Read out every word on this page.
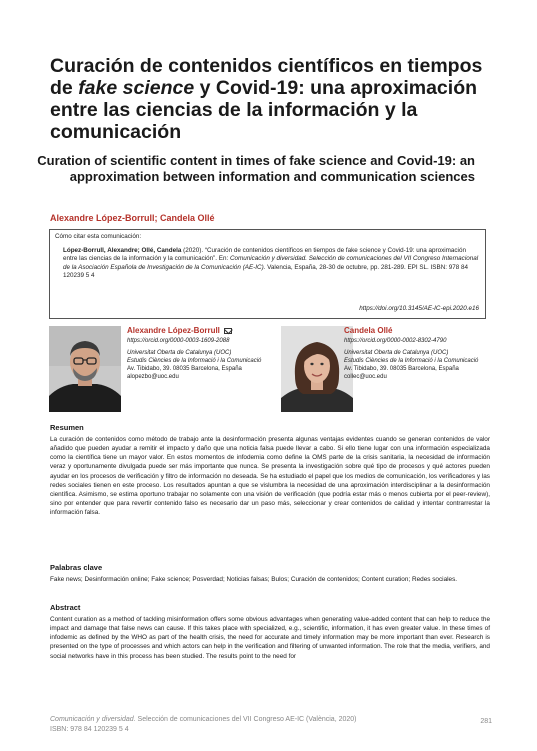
Curación de contenidos científicos en tiempos de fake science y Covid-19: una aproximación entre las ciencias de la información y la comunicación
Curation of scientific content in times of fake science and Covid-19: an approximation between information and communication sciences
Alexandre López-Borrull; Candela Ollé
Cómo citar esta comunicación:
López-Borrull, Alexandre; Ollé, Candela (2020). “Curación de contenidos científicos en tiempos de fake science y Covid-19: una aproximación entre las ciencias de la información y la comunicación”. En: Comunicación y diversidad. Selección de comunicaciones del VII Congreso Internacional de la Asociación Española de Investigación de la Comunicación (AE-IC). Valencia, España, 28-30 de octubre, pp. 281-289. EPI SL. ISBN: 978 84 120239 5 4
https://doi.org/10.3145/AE-IC-epi.2020.e16
Alexandre López-Borrull
https://orcid.org/0000-0003-1609-2088
Universitat Oberta de Catalunya (UOC)
Estudis Ciències de la Informació i la Comunicació
Av. Tibidabo, 39. 08035 Barcelona, España
alopezbo@uoc.edu
Candela Ollé
https://orcid.org/0000-0002-8302-4790
Universitat Oberta de Catalunya (UOC)
Estudis Ciències de la Informació i la Comunicació
Av. Tibidabo, 39. 08035 Barcelona, España
collec@uoc.edu
Resumen
La curación de contenidos como método de trabajo ante la desinformación presenta algunas ventajas evidentes cuando se generan contenidos de valor añadido que pueden ayudar a remitir el impacto y daño que una noticia falsa puede llevar a cabo. Si ello tiene lugar con una información especializada como la científica tiene un mayor valor. En estos momentos de infodemia como define la OMS parte de la crisis sanitaria, la necesidad de información veraz y oportunamente divulgada puede ser más importante que nunca. Se presenta la investigación sobre qué tipo de procesos y qué actores pueden ayudar en los procesos de verificación y filtro de información no deseada. Se ha estudiado el papel que los medios de comunicación, los verificadores y las redes sociales tienen en este proceso. Los resultados apuntan a que se vislumbra la necesidad de una aproximación interdisciplinar a la desinformación científica. Asimismo, se estima oportuno trabajar no solamente con una visión de verificación (que podría estar más o menos cubierta por el peer-review), sino por entender que para revertir contenido falso es necesario dar un paso más, seleccionar y crear contenidos de calidad y intentar contrarrestar la información falsa.
Palabras clave
Fake news; Desinformación online; Fake science; Posverdad; Noticias falsas; Bulos; Curación de contenidos; Content curation; Redes sociales.
Abstract
Content curation as a method of tackling misinformation offers some obvious advantages when generating value-added content that can help to reduce the impact and damage that false news can cause. If this takes place with specialized, e.g., scientific, information, it has even greater value. In these times of infodemic as defined by the WHO as part of the health crisis, the need for accurate and timely information may be more important than ever. Research is presented on the type of processes and which actors can help in the verification and filtering of unwanted information. The role that the media, verifiers, and social networks have in this process has been studied. The results point to the need for
Comunicación y diversidad. Selección de comunicaciones del VII Congreso AE-IC (València, 2020)
ISBN: 978 84 120239 5 4
281
